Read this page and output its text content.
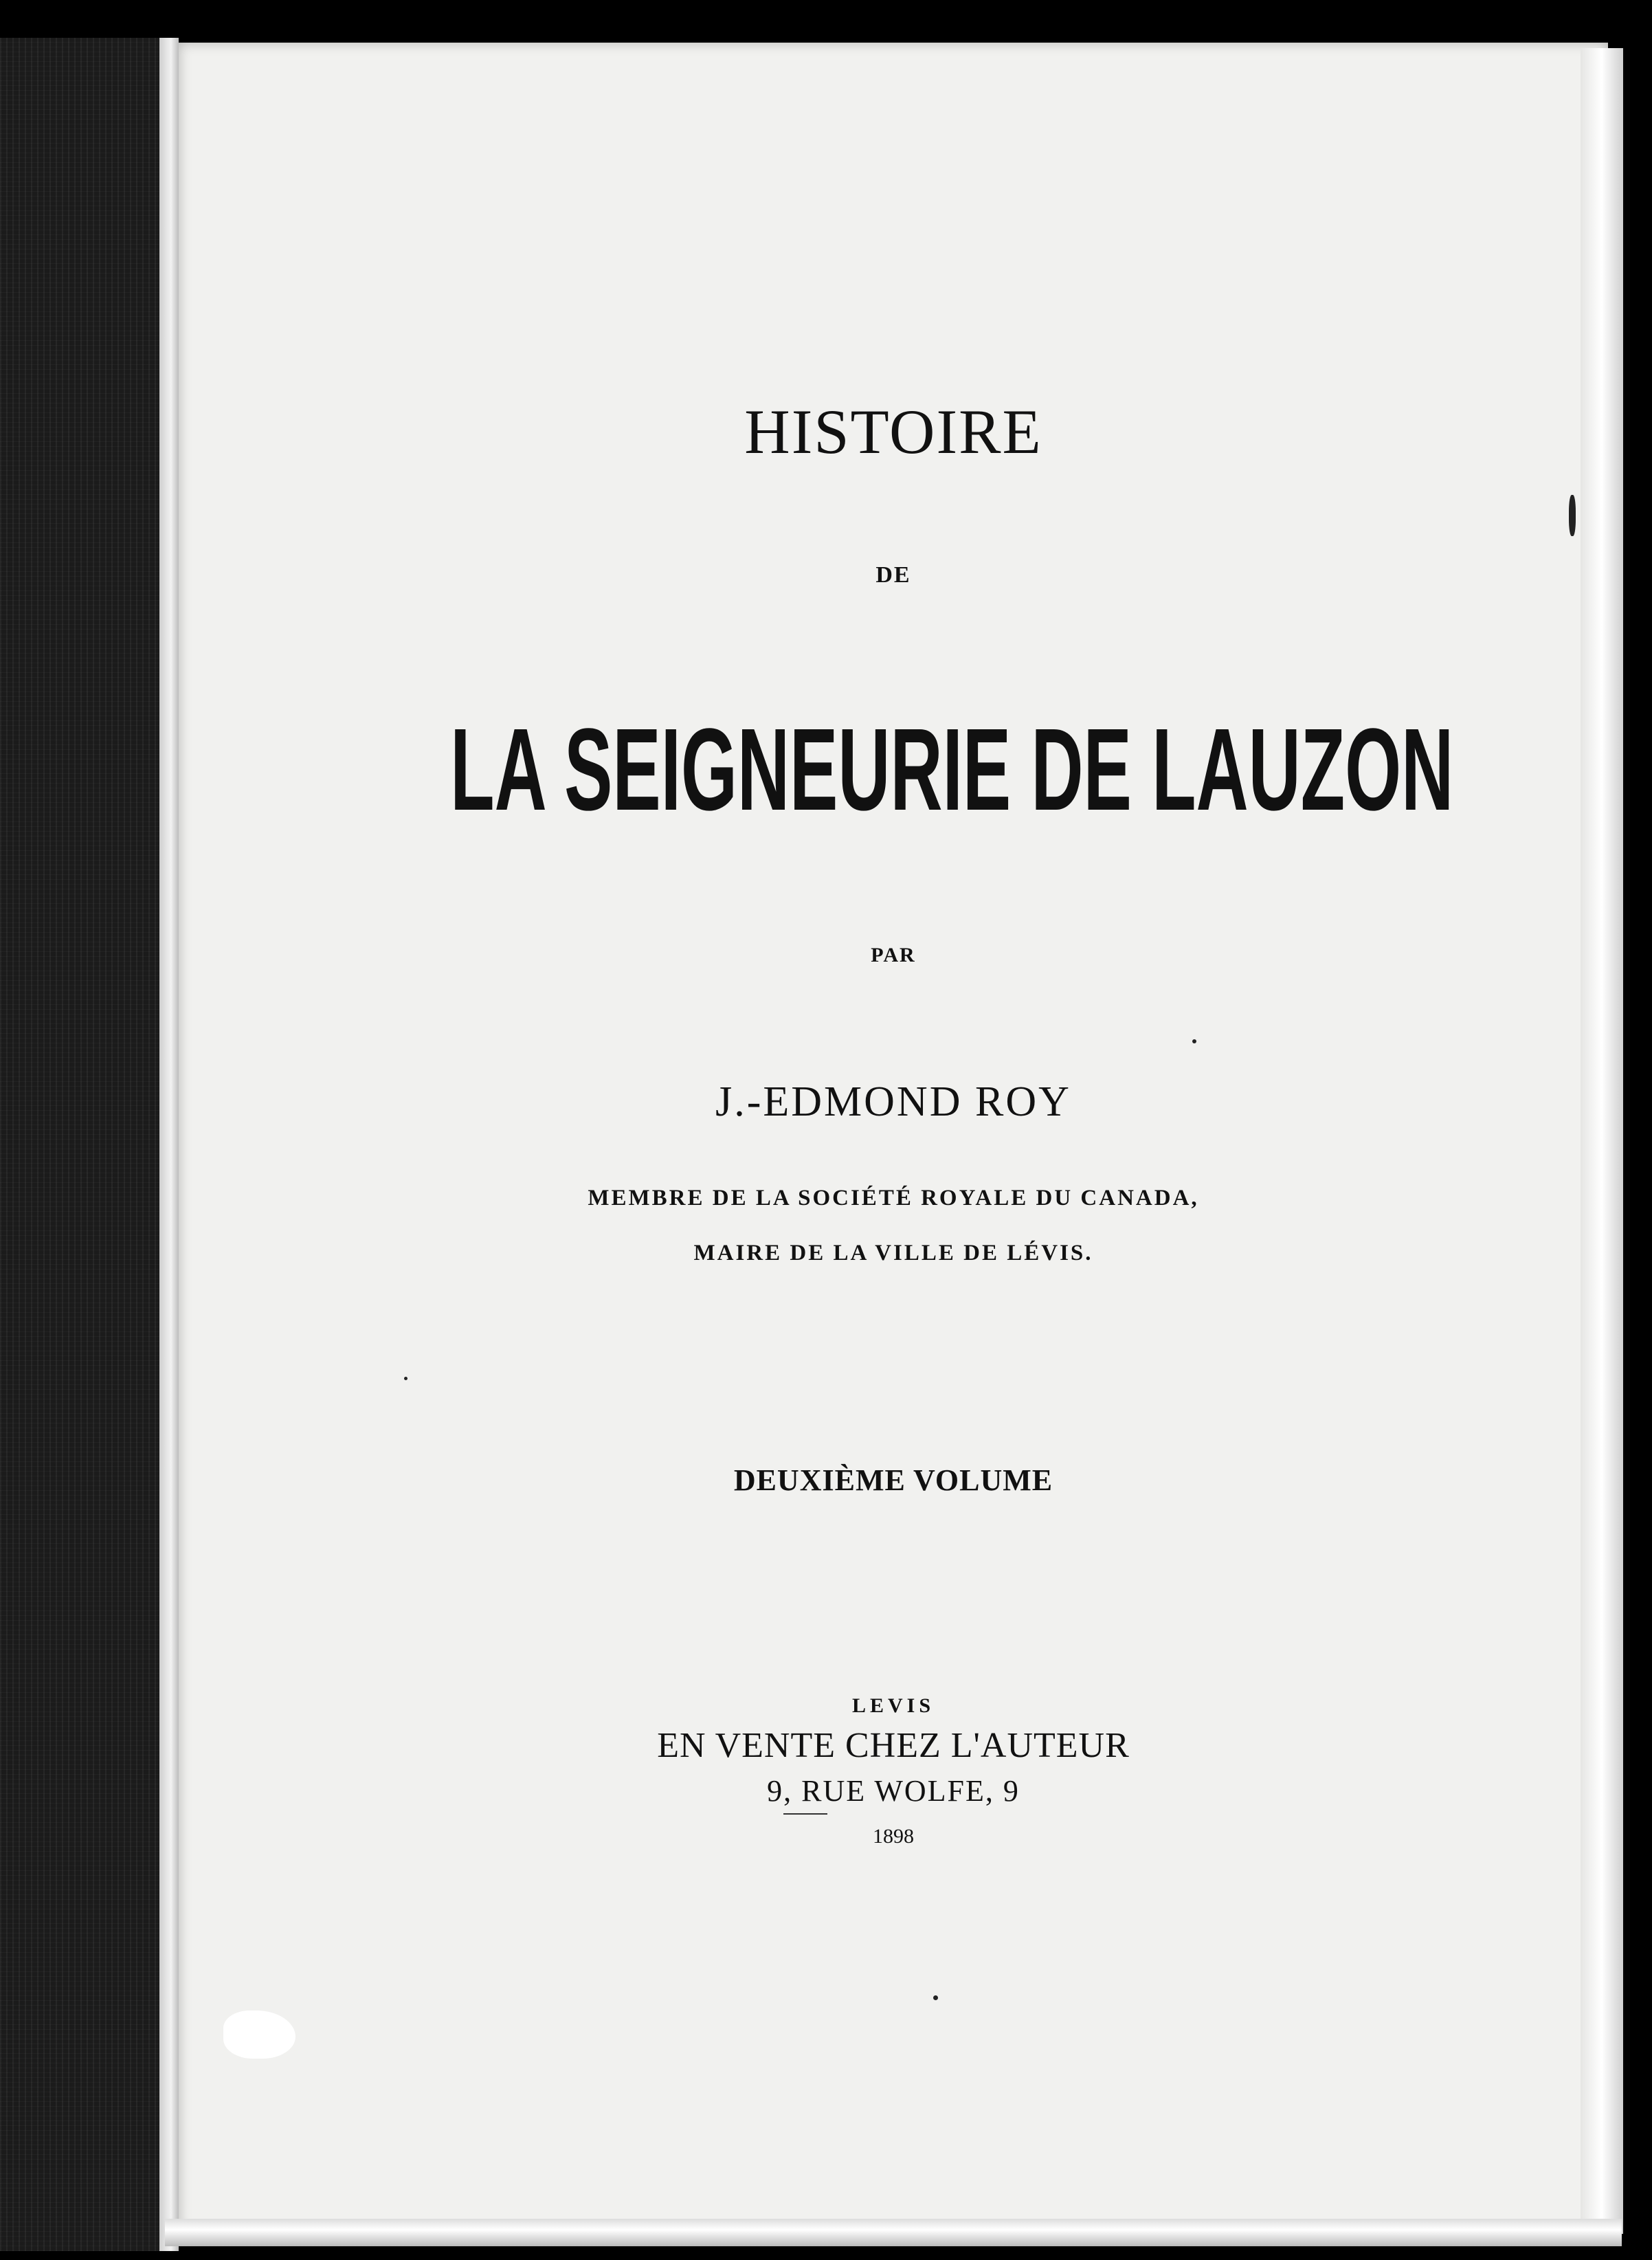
HISTOIRE
DE
LA SEIGNEURIE DE LAUZON
PAR
J.-EDMOND ROY
MEMBRE DE LA SOCIÉTÉ ROYALE DU CANADA,
MAIRE DE LA VILLE DE LÉVIS.
DEUXIÈME VOLUME
LEVIS
EN VENTE CHEZ L'AUTEUR
9, RUE WOLFE, 9
1898
